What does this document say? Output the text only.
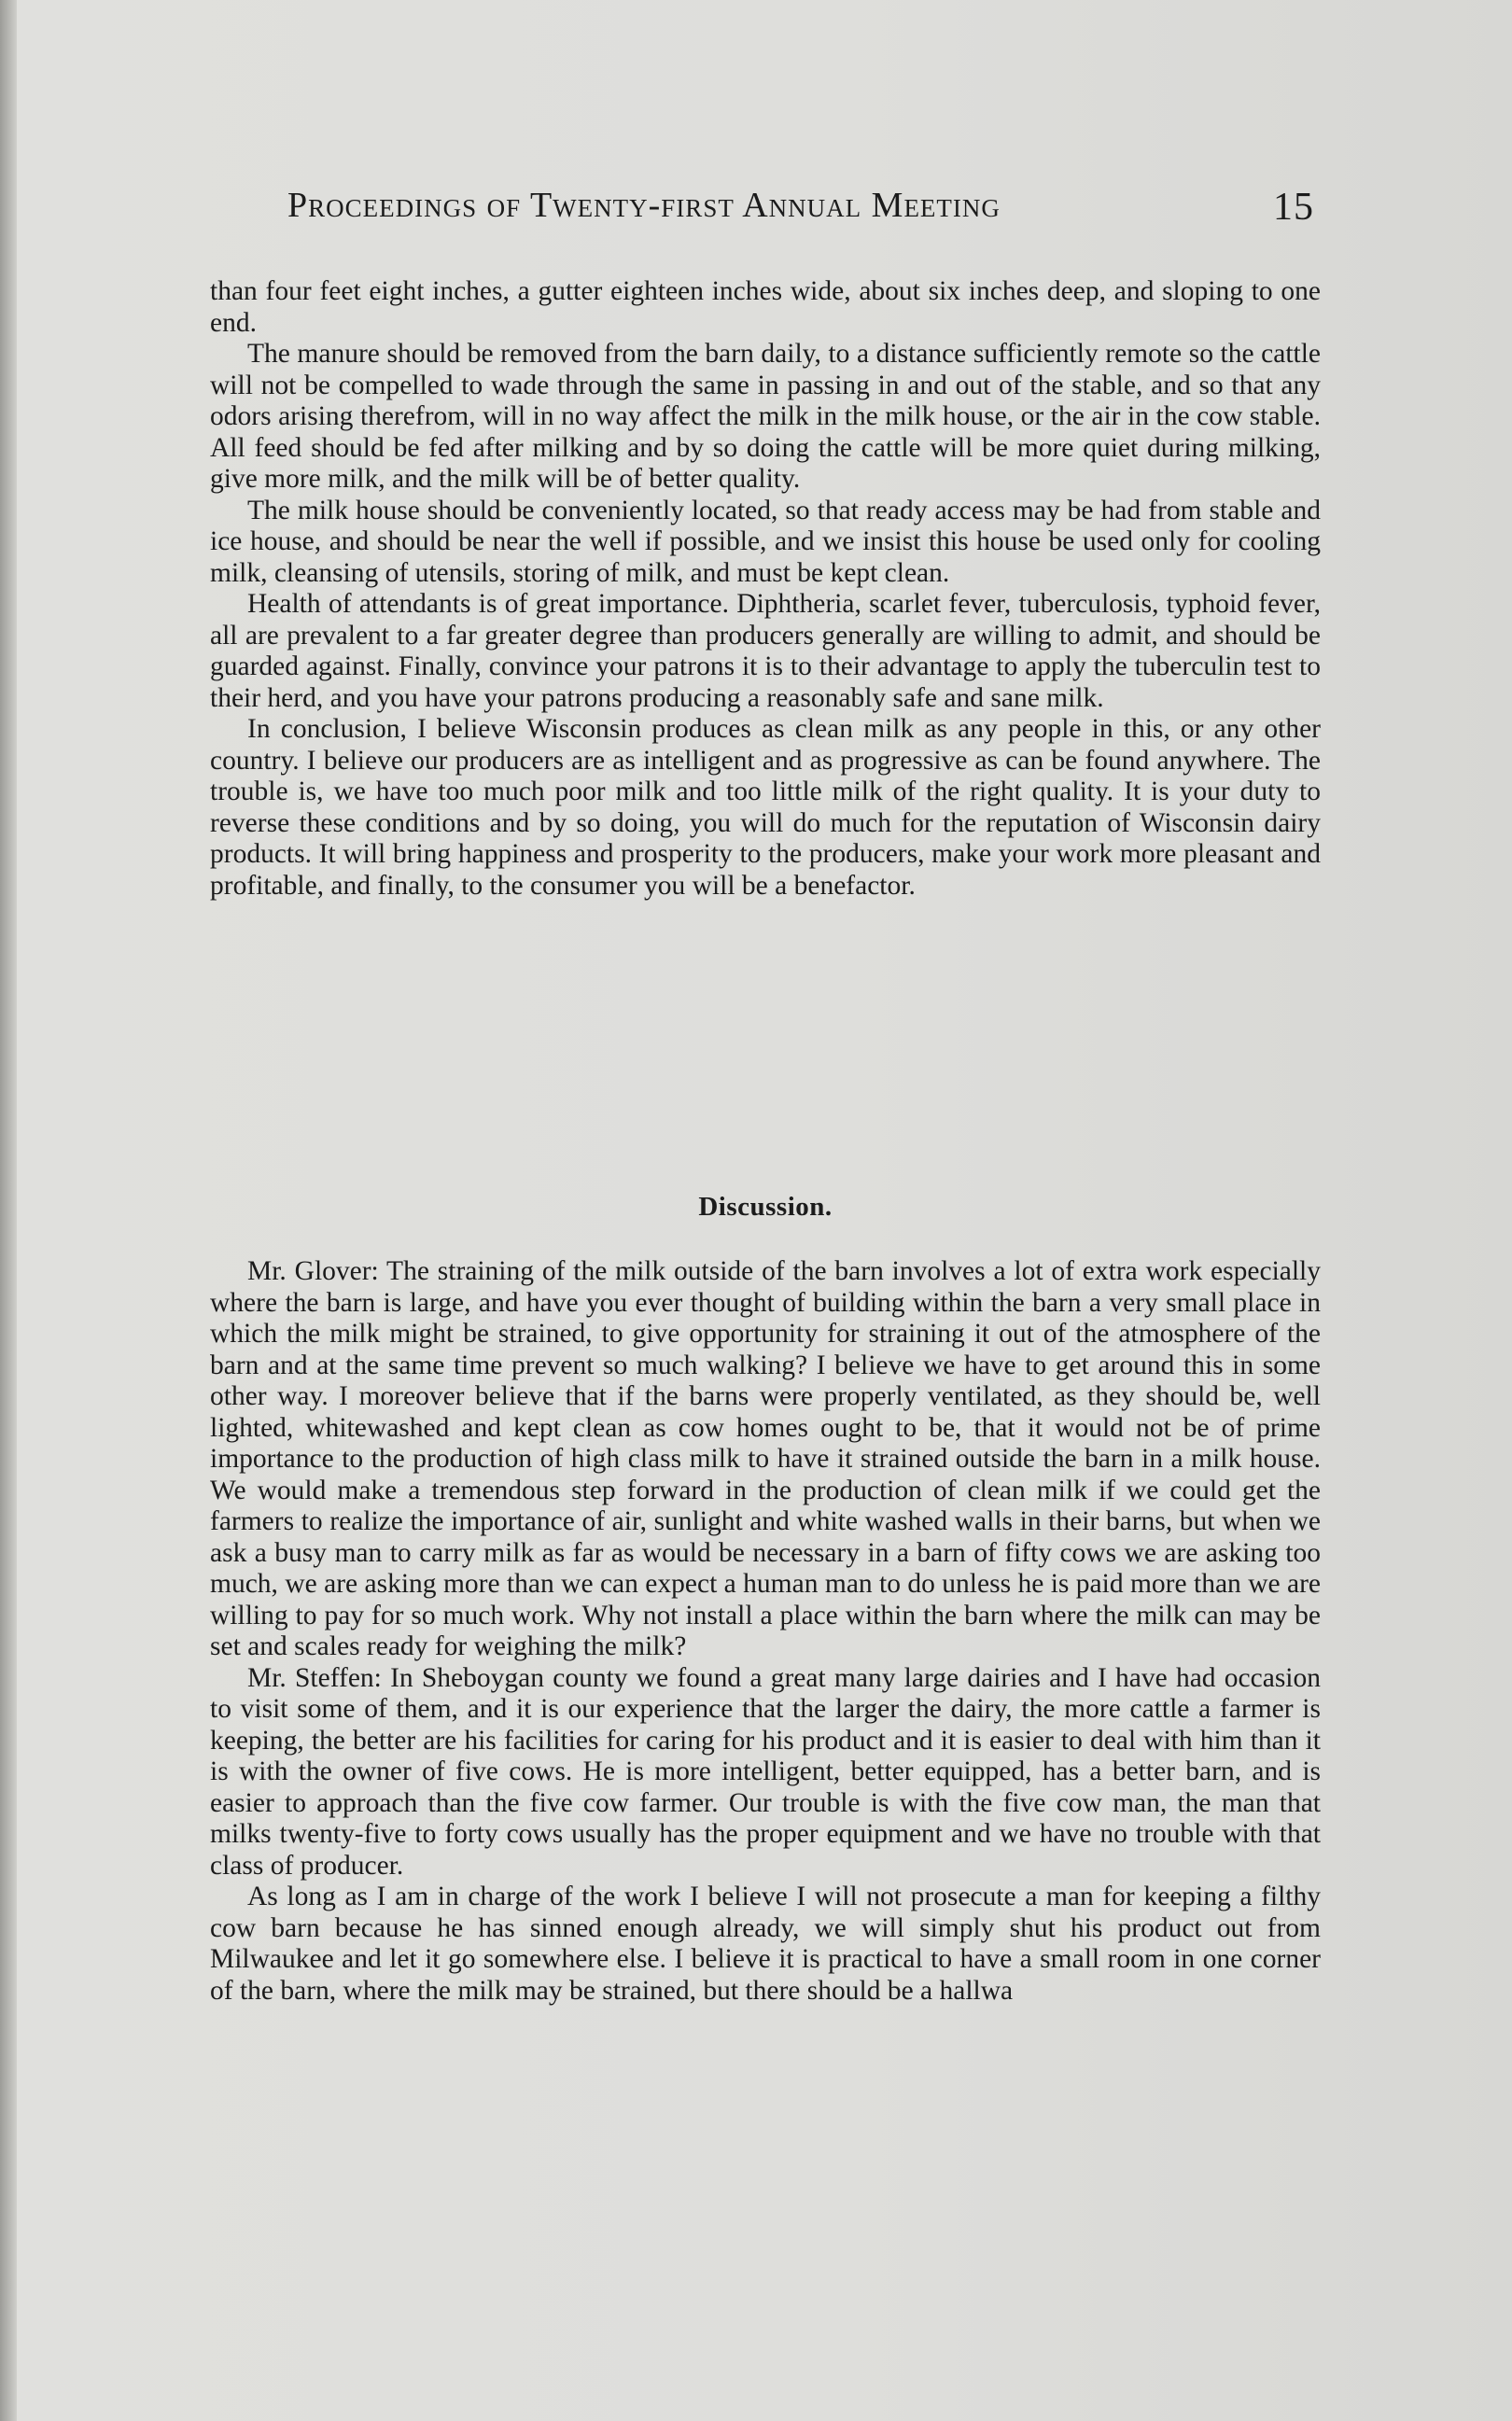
Proceedings of Twenty-first Annual Meeting	15

than four feet eight inches, a gutter eighteen inches wide, about six inches deep, and sloping to one end.

The manure should be removed from the barn daily, to a distance sufficiently remote so the cattle will not be compelled to wade through the same in passing in and out of the stable, and so that any odors arising therefrom, will in no way affect the milk in the milk house, or the air in the cow stable. All feed should be fed after milking and by so doing the cattle will be more quiet during milking, give more milk, and the milk will be of better quality.

The milk house should be conveniently located, so that ready access may be had from stable and ice house, and should be near the well if possible, and we insist this house be used only for cooling milk, cleansing of utensils, storing of milk, and must be kept clean.

Health of attendants is of great importance. Diphtheria, scarlet fever, tuberculosis, typhoid fever, all are prevalent to a far greater degree than producers generally are willing to admit, and should be guarded against. Finally, convince your patrons it is to their advantage to apply the tuberculin test to their herd, and you have your patrons producing a reasonably safe and sane milk.

In conclusion, I believe Wisconsin produces as clean milk as any people in this, or any other country. I believe our producers are as intelligent and as progressive as can be found anywhere. The trouble is, we have too much poor milk and too little milk of the right quality. It is your duty to reverse these conditions and by so doing, you will do much for the reputation of Wisconsin dairy products. It will bring happiness and prosperity to the producers, make your work more pleasant and profitable, and finally, to the consumer you will be a benefactor.

Discussion.

Mr. Glover: The straining of the milk outside of the barn involves a lot of extra work especially where the barn is large, and have you ever thought of building within the barn a very small place in which the milk might be strained, to give opportunity for straining it out of the atmosphere of the barn and at the same time prevent so much walking? I believe we have to get around this in some other way. I moreover believe that if the barns were properly ventilated, as they should be, well lighted, whitewashed and kept clean as cow homes ought to be, that it would not be of prime importance to the production of high class milk to have it strained outside the barn in a milk house. We would make a tremendous step forward in the production of clean milk if we could get the farmers to realize the importance of air, sunlight and white washed walls in their barns, but when we ask a busy man to carry milk as far as would be necessary in a barn of fifty cows we are asking too much, we are asking more than we can expect a human man to do unless he is paid more than we are willing to pay for so much work. Why not install a place within the barn where the milk can may be set and scales ready for weighing the milk?

Mr. Steffen: In Sheboygan county we found a great many large dairies and I have had occasion to visit some of them, and it is our experience that the larger the dairy, the more cattle a farmer is keeping, the better are his facilities for caring for his product and it is easier to deal with him than it is with the owner of five cows. He is more intelligent, better equipped, has a better barn, and is easier to approach than the five cow farmer. Our trouble is with the five cow man, the man that milks twenty-five to forty cows usually has the proper equipment and we have no trouble with that class of producer.

As long as I am in charge of the work I believe I will not prosecute a man for keeping a filthy cow barn because he has sinned enough already, we will simply shut his product out from Milwaukee and let it go somewhere else. I believe it is practical to have a small room in one corner of the barn, where the milk may be strained, but there should be a hallwa
